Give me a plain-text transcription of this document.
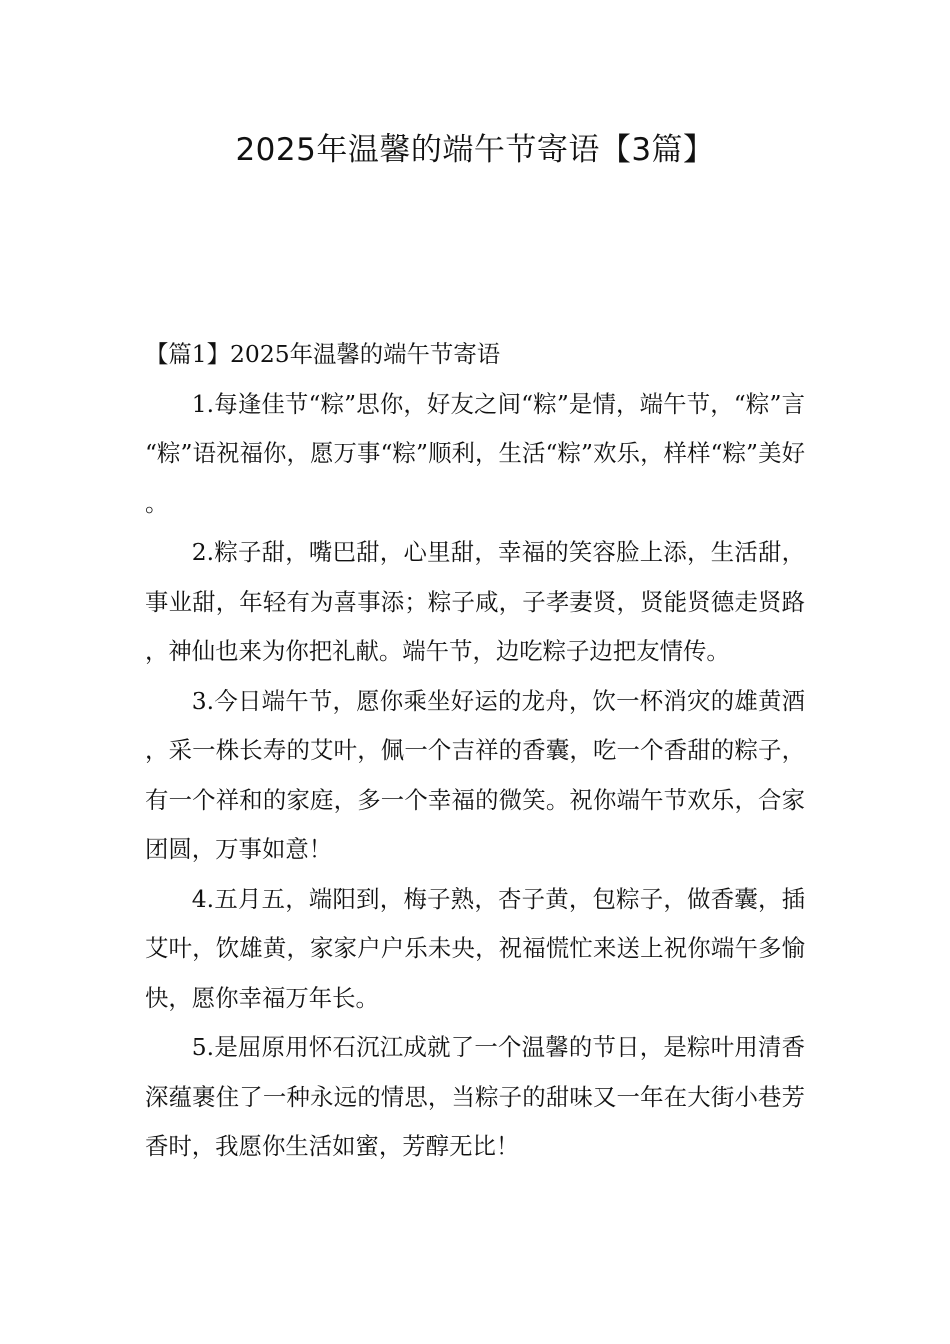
2025年温馨的端午节寄语【3篇】
【篇1】2025年温馨的端午节寄语

1.每逢佳节“粽”思你，好友之间“粽”是情，端午节，“粽”言“粽”语祝福你，愿万事“粽”顺利，生活“粽”欢乐，样样“粽”美好。

2.粽子甜，嘴巴甜，心里甜，幸福的笑容脸上添，生活甜，事业甜，年轻有为喜事添；粽子咸，子孝妻贤，贤能贤德走贤路，神仙也来为你把礼献。端午节，边吃粽子边把友情传。

3.今日端午节，愿你乘坐好运的龙舟，饮一杯消灾的雄黄酒，采一株长寿的艾叶，佩一个吉祥的香囊，吃一个香甜的粽子，有一个祥和的家庭，多一个幸福的微笑。祝你端午节欢乐，合家团圆，万事如意！

4.五月五，端阳到，梅子熟，杏子黄，包粽子，做香囊，插艾叶，饮雄黄，家家户户乐未央，祝福慌忙来送上祝你端午多愉快，愿你幸福万年长。

5.是屈原用怀石沉江成就了一个温馨的节日，是粽叶用清香深蕴裹住了一种永远的情思，当粽子的甜味又一年在大街小巷芳香时，我愿你生活如蜜，芳醇无比！
